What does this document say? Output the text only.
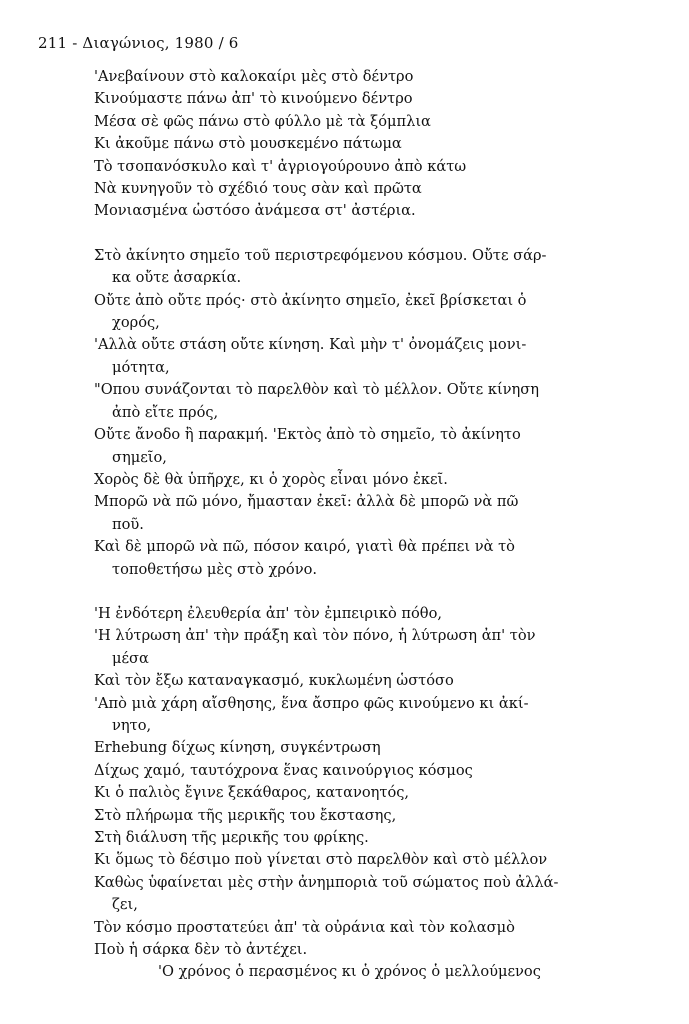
211 - Διαγώνιος, 1980 / 6
'Ανεβαίνουν στὸ καλοκαίρι μὲς στὸ δέντρο
Κινούμαστε πάνω ἀπ' τὸ κινούμενο δέντρο
Μέσα σὲ φῶς πάνω στὸ φύλλο μὲ τὰ ξόμπλια
Κι ἀκοῦμε πάνω στὸ μουσκεμένο πάτωμα
Τὸ τσοπανόσκυλο καὶ τ' ἀγριογούρουνο ἀπὸ κάτω
Νὰ κυνηγοῦν τὸ σχέδιό τους σὰν καὶ πρῶτα
Μονιασμένα ὡστόσο ἀνάμεσα στ' ἀστέρια.
Στὸ ἀκίνητο σημεῖο τοῦ περιστρεφόμενου κόσμου. Οὔτε σάρ-
κα οὔτε ἀσαρκία.
Οὔτε ἀπὸ οὔτε πρός· στὸ ἀκίνητο σημεῖο, ἐκεῖ βρίσκεται ὁ
χορός,
'Αλλὰ οὔτε στάση οὔτε κίνηση. Καὶ μὴν τ' ὀνομάζεις μονι-
μότητα,
"Οπου συνάζονται τὸ παρελθὸν καὶ τὸ μέλλον. Οὔτε κίνηση
ἀπὸ εἴτε πρός,
Οὔτε ἄνοδο ἢ παρακμή. 'Εκτὸς ἀπὸ τὸ σημεῖο, τὸ ἀκίνητο
σημεῖο,
Χορὸς δὲ θὰ ὑπῆρχε, κι ὁ χορὸς εἶναι μόνο ἐκεῖ.
Μπορῶ νὰ πῶ μόνο, ἤμασταν ἐκεῖ: ἀλλὰ δὲ μπορῶ νὰ πῶ
ποῦ.
Καὶ δὲ μπορῶ νὰ πῶ, πόσον καιρό, γιατὶ θὰ πρέπει νὰ τὸ
τοποθετήσω μὲς στὸ χρόνο.
'Η ἐνδότερη ἐλευθερία ἀπ' τὸν ἐμπειρικὸ πόθο,
'Η λύτρωση ἀπ' τὴν πράξη καὶ τὸν πόνο, ἡ λύτρωση ἀπ' τὸν
μέσα
Καὶ τὸν ἔξω καταναγκασμό, κυκλωμένη ὡστόσο
'Απὸ μιὰ χάρη αἴσθησης, ἕνα ἄσπρο φῶς κινούμενο κι ἀκί-
νητο,
Erhebung δίχως κίνηση, συγκέντρωση
Δίχως χαμό, ταυτόχρονα ἕνας καινούργιος κόσμος
Κι ὁ παλιὸς ἔγινε ξεκάθαρος, κατανοητός,
Στὸ πλήρωμα τῆς μερικῆς του ἔκστασης,
Στὴ διάλυση τῆς μερικῆς του φρίκης.
Κι ὅμως τὸ δέσιμο ποὺ γίνεται στὸ παρελθὸν καὶ στὸ μέλλον
Καθὼς ὑφαίνεται μὲς στὴν ἀνημποριὰ τοῦ σώματος ποὺ ἀλλά-
ζει,
Τὸν κόσμο προστατεύει ἀπ' τὰ οὐράνια καὶ τὸν κολασμὸ
Ποὺ ἡ σάρκα δὲν τὸ ἀντέχει.
'Ο χρόνος ὁ περασμένος κι ὁ χρόνος ὁ μελλούμενος
